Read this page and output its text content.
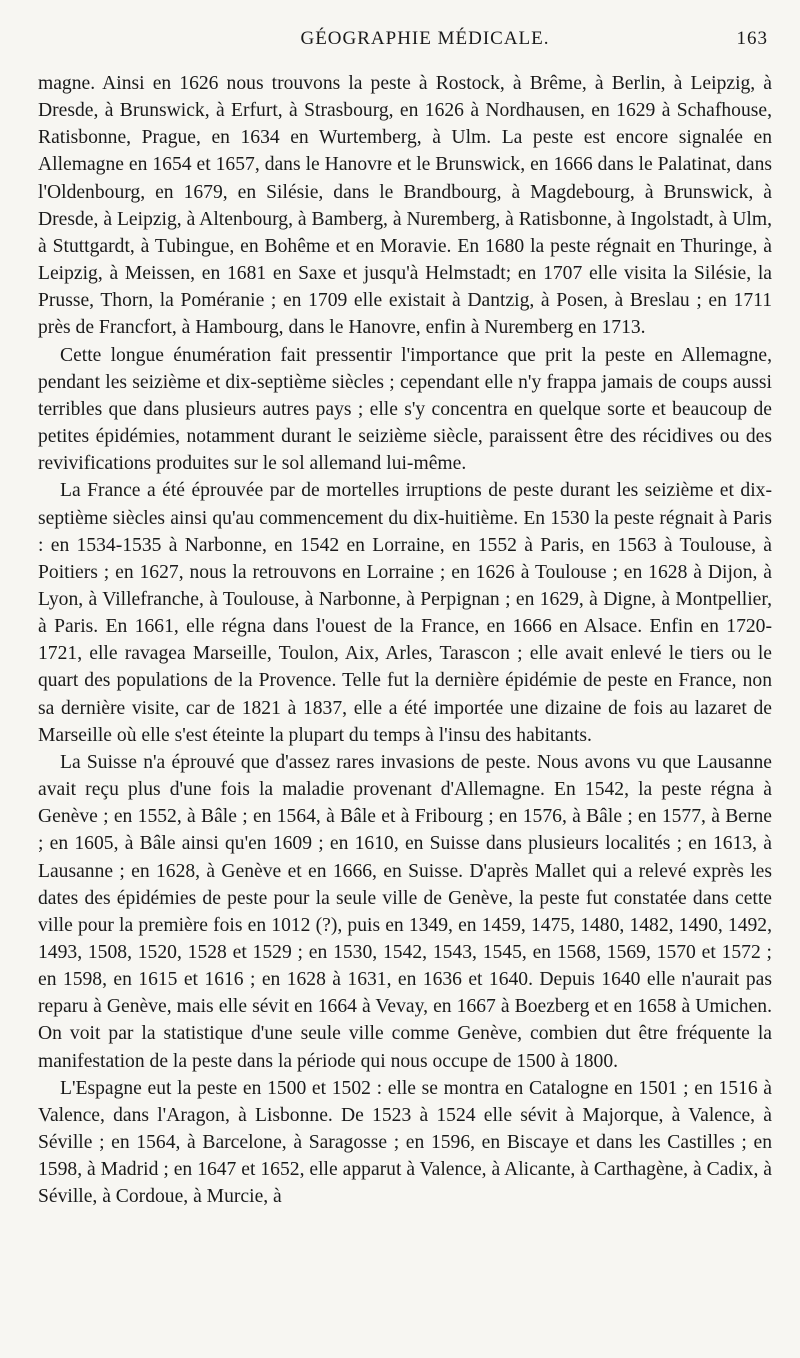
GÉOGRAPHIE MÉDICALE.	163

magne. Ainsi en 1626 nous trouvons la peste à Rostock, à Brême, à Berlin, à Leipzig, à Dresde, à Brunswick, à Erfurt, à Strasbourg, en 1626 à Nordhausen, en 1629 à Schafhouse, Ratisbonne, Prague, en 1634 en Wurtemberg, à Ulm. La peste est encore signalée en Allemagne en 1654 et 1657, dans le Hanovre et le Brunswick, en 1666 dans le Palatinat, dans l'Oldenbourg, en 1679, en Silésie, dans le Brandbourg, à Magdebourg, à Brunswick, à Dresde, à Leipzig, à Altenbourg, à Bamberg, à Nuremberg, à Ratisbonne, à Ingolstadt, à Ulm, à Stuttgardt, à Tubingue, en Bohême et en Moravie. En 1680 la peste régnait en Thuringe, à Leipzig, à Meissen, en 1681 en Saxe et jusqu'à Helmstadt; en 1707 elle visita la Silésie, la Prusse, Thorn, la Poméranie ; en 1709 elle existait à Dantzig, à Posen, à Breslau ; en 1711 près de Francfort, à Hambourg, dans le Hanovre, enfin à Nuremberg en 1713.

Cette longue énumération fait pressentir l'importance que prit la peste en Allemagne, pendant les seizième et dix-septième siècles ; cependant elle n'y frappa jamais de coups aussi terribles que dans plusieurs autres pays ; elle s'y concentra en quelque sorte et beaucoup de petites épidémies, notamment durant le seizième siècle, paraissent être des récidives ou des revivifications produites sur le sol allemand lui-même.

La France a été éprouvée par de mortelles irruptions de peste durant les seizième et dix-septième siècles ainsi qu'au commencement du dix-huitième. En 1530 la peste régnait à Paris : en 1534-1535 à Narbonne, en 1542 en Lorraine, en 1552 à Paris, en 1563 à Toulouse, à Poitiers ; en 1627, nous la retrouvons en Lorraine ; en 1626 à Toulouse ; en 1628 à Dijon, à Lyon, à Villefranche, à Toulouse, à Narbonne, à Perpignan ; en 1629, à Digne, à Montpellier, à Paris. En 1661, elle régna dans l'ouest de la France, en 1666 en Alsace. Enfin en 1720-1721, elle ravagea Marseille, Toulon, Aix, Arles, Tarascon ; elle avait enlevé le tiers ou le quart des populations de la Provence. Telle fut la dernière épidémie de peste en France, non sa dernière visite, car de 1821 à 1837, elle a été importée une dizaine de fois au lazaret de Marseille où elle s'est éteinte la plupart du temps à l'insu des habitants.

La Suisse n'a éprouvé que d'assez rares invasions de peste. Nous avons vu que Lausanne avait reçu plus d'une fois la maladie provenant d'Allemagne. En 1542, la peste régna à Genève ; en 1552, à Bâle ; en 1564, à Bâle et à Fribourg ; en 1576, à Bâle ; en 1577, à Berne ; en 1605, à Bâle ainsi qu'en 1609 ; en 1610, en Suisse dans plusieurs localités ; en 1613, à Lausanne ; en 1628, à Genève et en 1666, en Suisse. D'après Mallet qui a relevé exprès les dates des épidémies de peste pour la seule ville de Genève, la peste fut constatée dans cette ville pour la première fois en 1012 (?), puis en 1349, en 1459, 1475, 1480, 1482, 1490, 1492, 1493, 1508, 1520, 1528 et 1529 ; en 1530, 1542, 1543, 1545, en 1568, 1569, 1570 et 1572 ; en 1598, en 1615 et 1616 ; en 1628 à 1631, en 1636 et 1640. Depuis 1640 elle n'aurait pas reparu à Genève, mais elle sévit en 1664 à Vevay, en 1667 à Boezberg et en 1658 à Umichen. On voit par la statistique d'une seule ville comme Genève, combien dut être fréquente la manifestation de la peste dans la période qui nous occupe de 1500 à 1800.

L'Espagne eut la peste en 1500 et 1502 : elle se montra en Catalogne en 1501 ; en 1516 à Valence, dans l'Aragon, à Lisbonne. De 1523 à 1524 elle sévit à Majorque, à Valence, à Séville ; en 1564, à Barcelone, à Saragosse ; en 1596, en Biscaye et dans les Castilles ; en 1598, à Madrid ; en 1647 et 1652, elle apparut à Valence, à Alicante, à Carthagène, à Cadix, à Séville, à Cordoue, à Murcie, à
